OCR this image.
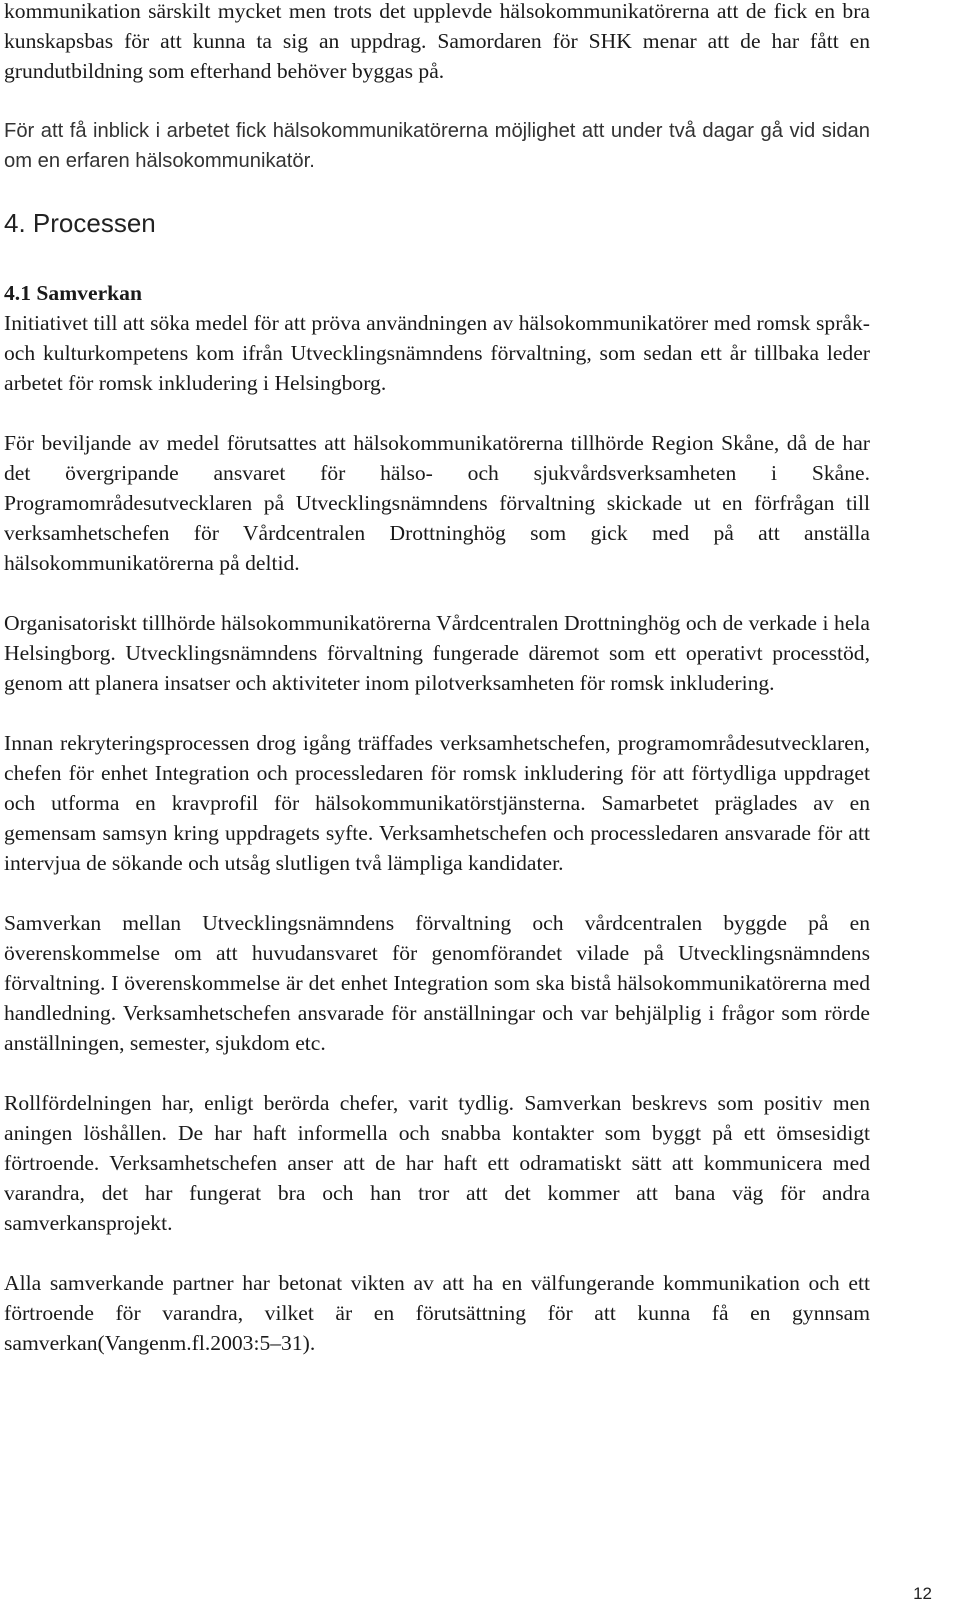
kommunikation särskilt mycket men trots det upplevde hälsokommunikatörerna att de fick en bra kunskapsbas för att kunna ta sig an uppdrag. Samordaren för SHK menar att de har fått en grundutbildning som efterhand behöver byggas på.

För att få inblick i arbetet fick hälsokommunikatörerna möjlighet att under två dagar gå vid sidan om en erfaren hälsokommunikatör.

4. Processen
4.1 Samverkan

Initiativet till att söka medel för att pröva användningen av hälsokommunikatörer med romsk språk- och kulturkompetens kom ifrån Utvecklingsnämndens förvaltning, som sedan ett år tillbaka leder arbetet för romsk inkludering i Helsingborg.

För beviljande av medel förutsattes att hälsokommunikatörerna tillhörde Region Skåne, då de har det övergripande ansvaret för hälso- och sjukvårdsverksamheten i Skåne. Programområdesutvecklaren på Utvecklingsnämndens förvaltning skickade ut en förfrågan till verksamhetschefen för Vårdcentralen Drottninghög som gick med på att anställa hälsokommunikatörerna på deltid.

Organisatoriskt tillhörde hälsokommunikatörerna Vårdcentralen Drottninghög och de verkade i hela Helsingborg. Utvecklingsnämndens förvaltning fungerade däremot som ett operativt processtöd, genom att planera insatser och aktiviteter inom pilotverksamheten för romsk inkludering.

Innan rekryteringsprocessen drog igång träffades verksamhetschefen, programområdesutvecklaren, chefen för enhet Integration och processledaren för romsk inkludering för att förtydliga uppdraget och utforma en kravprofil för hälsokommunikatörstjänsterna. Samarbetet präglades av en gemensam samsyn kring uppdragets syfte. Verksamhetschefen och processledaren ansvarade för att intervjua de sökande och utsåg slutligen två lämpliga kandidater.

Samverkan mellan Utvecklingsnämndens förvaltning och vårdcentralen byggde på en överenskommelse om att huvudansvaret för genomförandet vilade på Utvecklingsnämndens förvaltning. I överenskommelse är det enhet Integration som ska bistå hälsokommunikatörerna med handledning. Verksamhetschefen ansvarade för anställningar och var behjälplig i frågor som rörde anställningen, semester, sjukdom etc.

Rollfördelningen har, enligt berörda chefer, varit tydlig. Samverkan beskrevs som positiv men aningen löshållen. De har haft informella och snabba kontakter som byggt på ett ömsesidigt förtroende. Verksamhetschefen anser att de har haft ett odramatiskt sätt att kommunicera med varandra, det har fungerat bra och han tror att det kommer att bana väg för andra samverkansprojekt.

Alla samverkande partner har betonat vikten av att ha en välfungerande kommunikation och ett förtroende för varandra, vilket är en förutsättning för att kunna få en gynnsam samverkan(Vangenm.fl.2003:5–31).

12
